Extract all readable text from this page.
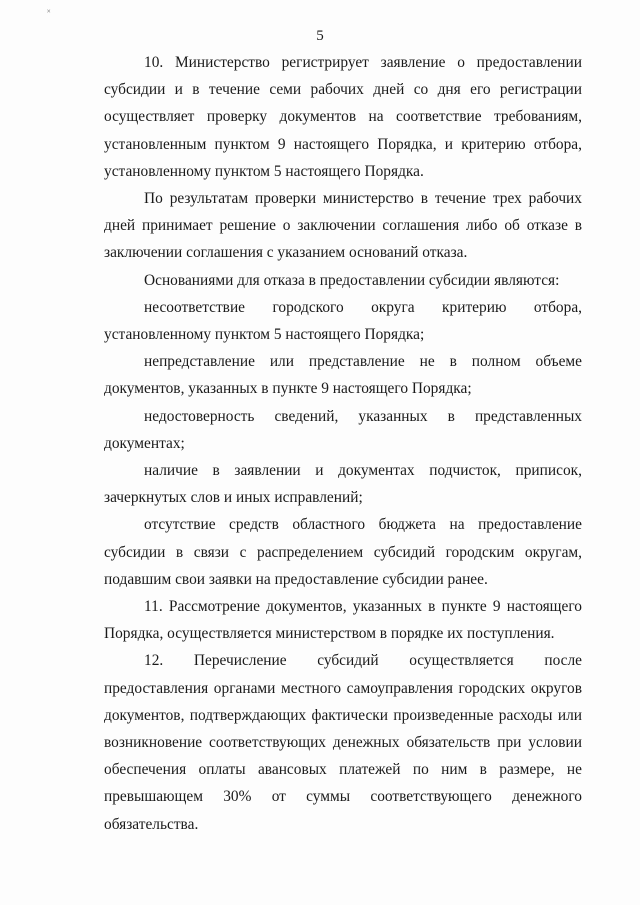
˟
5

10. Министерство регистрирует заявление о предоставлении субсидии и в течение семи рабочих дней со дня его регистрации осуществляет проверку документов на соответствие требованиям, установленным пунктом 9 настоящего Порядка, и критерию отбора, установленному пунктом 5 настоящего Порядка.

По результатам проверки министерство в течение трех рабочих дней принимает решение о заключении соглашения либо об отказе в заключении соглашения с указанием оснований отказа.

Основаниями для отказа в предоставлении субсидии являются:

несоответствие городского округа критерию отбора, установленному пунктом 5 настоящего Порядка;

непредставление или представление не в полном объеме документов, указанных в пункте 9 настоящего Порядка;

недостоверность сведений, указанных в представленных документах;

наличие в заявлении и документах подчисток, приписок, зачеркнутых слов и иных исправлений;

отсутствие средств областного бюджета на предоставление субсидии в связи с распределением субсидий городским округам, подавшим свои заявки на предоставление субсидии ранее.

11. Рассмотрение документов, указанных в пункте 9 настоящего Порядка, осуществляется министерством в порядке их поступления.

12. Перечисление субсидий осуществляется после предоставления органами местного самоуправления городских округов документов, подтверждающих фактически произведенные расходы или возникновение соответствующих денежных обязательств при условии обеспечения оплаты авансовых платежей по ним в размере, не превышающем 30% от суммы соответствующего денежного обязательства.
